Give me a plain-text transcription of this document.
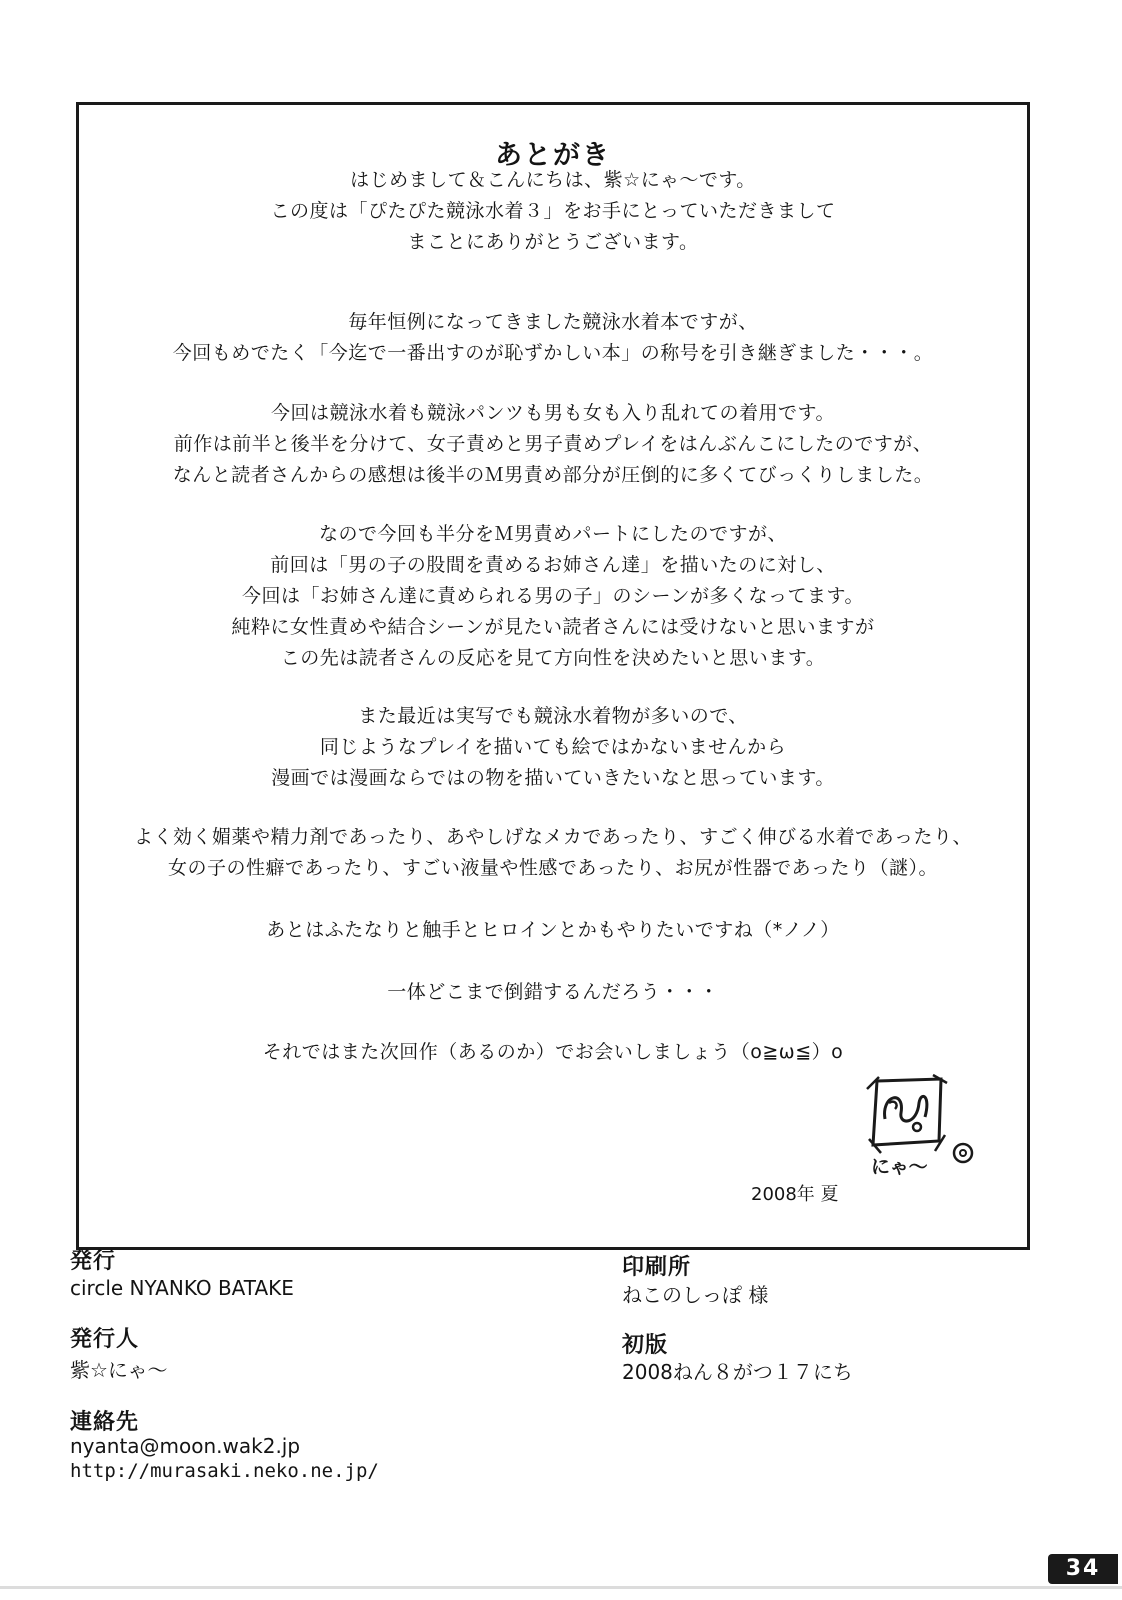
あとがき
はじめまして＆こんにちは、紫☆にゃ～です。
この度は「ぴたぴた競泳水着３」をお手にとっていただきまして
まことにありがとうございます。
毎年恒例になってきました競泳水着本ですが、
今回もめでたく「今迄で一番出すのが恥ずかしい本」の称号を引き継ぎました・・・。
今回は競泳水着も競泳パンツも男も女も入り乱れての着用です。
前作は前半と後半を分けて、女子責めと男子責めプレイをはんぶんこにしたのですが、
なんと読者さんからの感想は後半のＭ男責め部分が圧倒的に多くてびっくりしました。
なので今回も半分をＭ男責めパートにしたのですが、
前回は「男の子の股間を責めるお姉さん達」を描いたのに対し、
今回は「お姉さん達に責められる男の子」のシーンが多くなってます。
純粋に女性責めや結合シーンが見たい読者さんには受けないと思いますが
この先は読者さんの反応を見て方向性を決めたいと思います。
また最近は実写でも競泳水着物が多いので、
同じようなプレイを描いても絵ではかないませんから
漫画では漫画ならではの物を描いていきたいなと思っています。
よく効く媚薬や精力剤であったり、あやしげなメカであったり、すごく伸びる水着であったり、
女の子の性癖であったり、すごい液量や性感であったり、お尻が性器であったり（謎）。
あとはふたなりと触手とヒロインとかもやりたいですね（*ノノ）
一体どこまで倒錯するんだろう・・・
それではまた次回作（あるのか）でお会いしましょう（o≧ω≦）o
2008年 夏
にゃ～
発行
circle NYANKO BATAKE
発行人
紫☆にゃ～
連絡先
nyanta@moon.wak2.jp
http://murasaki.neko.ne.jp/
印刷所
ねこのしっぽ 様
初版
2008ねん８がつ１７にち
34
